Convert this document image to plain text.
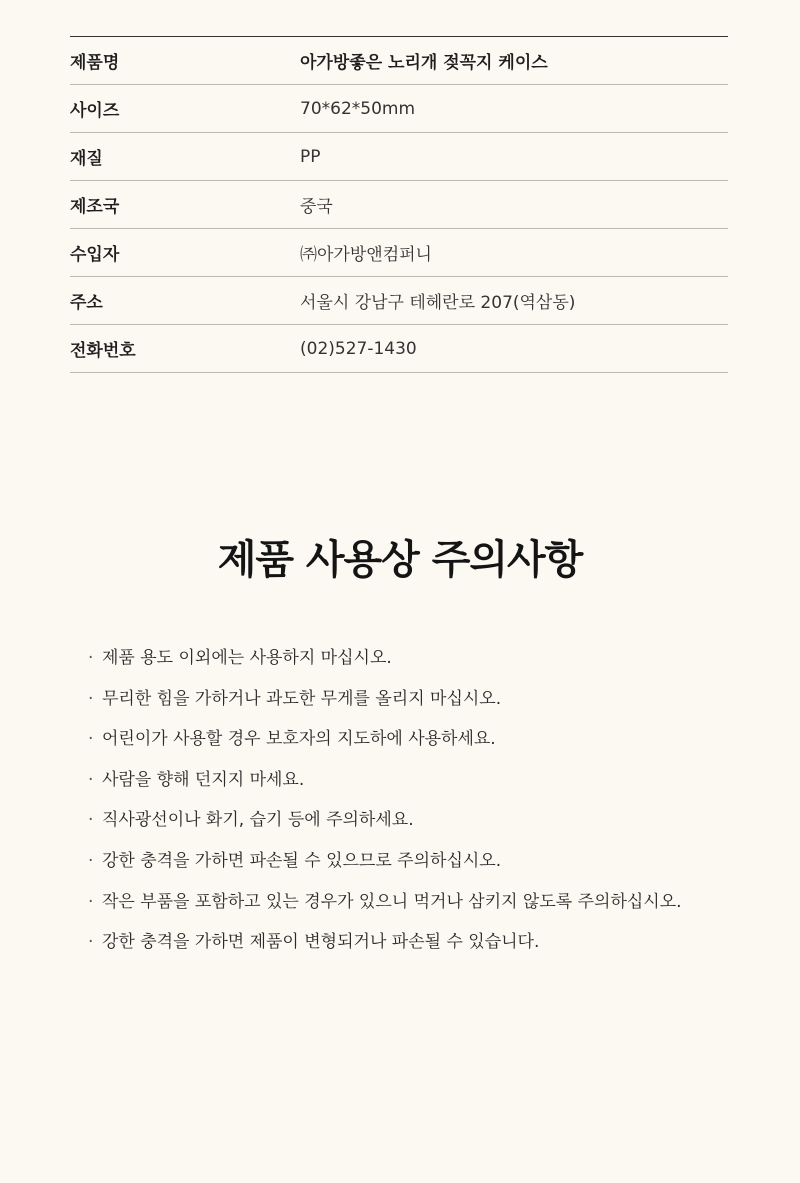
제품명	아가방좋은 노리개 젖꼭지 케이스
사이즈	70*62*50mm
재질	PP
제조국	중국
수입자	㈜아가방앤컴퍼니
주소	서울시 강남구 테헤란로 207(역삼동)
전화번호	(02)527-1430
제품 사용상 주의사항
· 제품 용도 이외에는 사용하지 마십시오.
· 무리한 힘을 가하거나 과도한 무게를 올리지 마십시오.
· 어린이가 사용할 경우 보호자의 지도하에 사용하세요.
· 사람을 향해 던지지 마세요.
· 직사광선이나 화기, 습기 등에 주의하세요.
· 강한 충격을 가하면 파손될 수 있으므로 주의하십시오.
· 작은 부품을 포함하고 있는 경우가 있으니 먹거나 삼키지 않도록 주의하십시오.
· 강한 충격을 가하면 제품이 변형되거나 파손될 수 있습니다.
